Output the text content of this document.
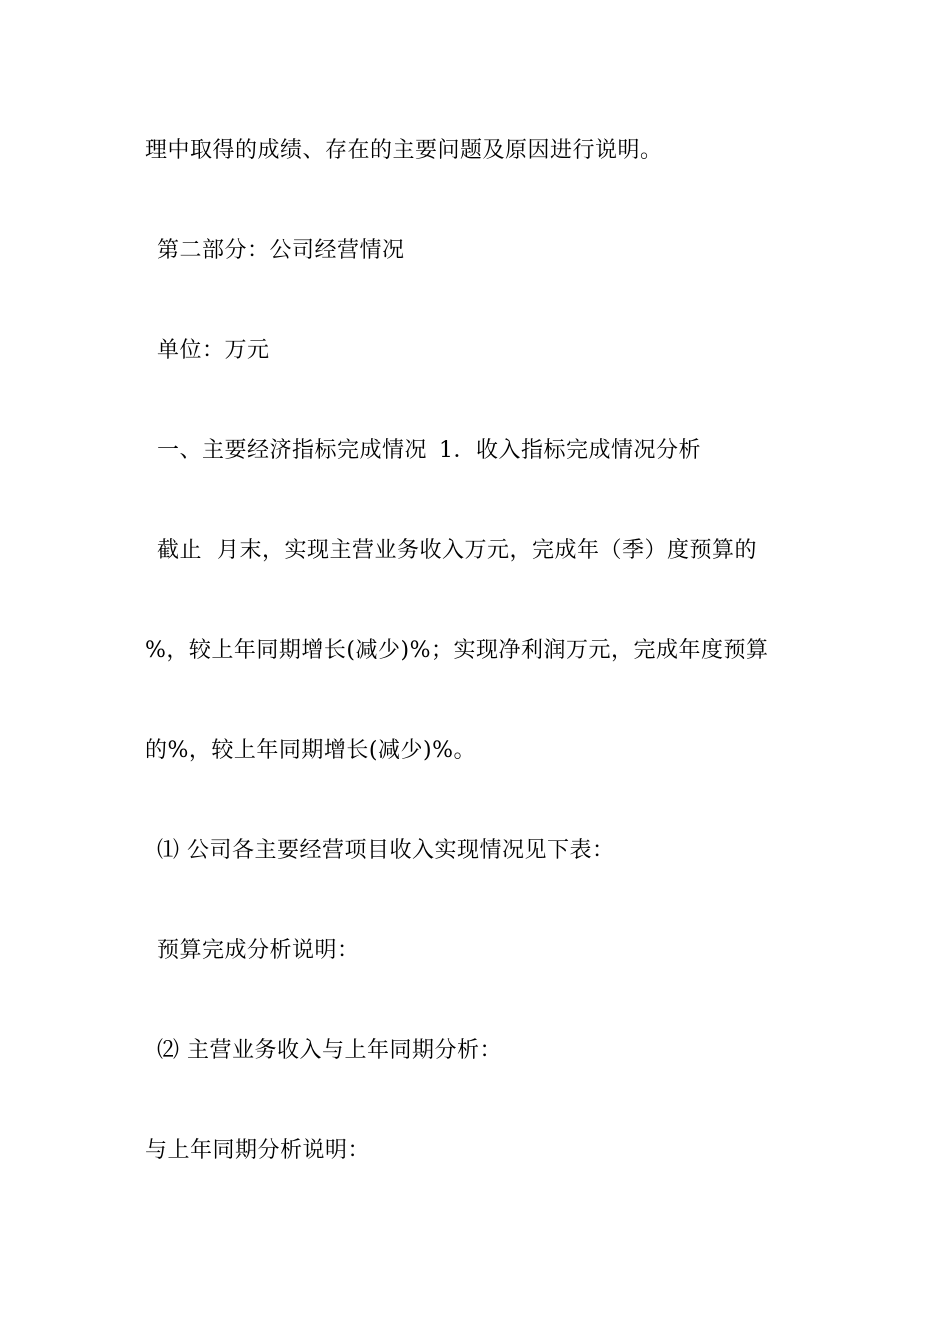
理中取得的成绩、存在的主要问题及原因进行说明。
第二部分：公司经营情况
单位：万元
一、主要经济指标完成情况 1．收入指标完成情况分析
截止  月末，实现主营业务收入万元，完成年（季）度预算的
%，较上年同期增长(减少)%；实现净利润万元，完成年度预算
的%，较上年同期增长(减少)%。
⑴ 公司各主要经营项目收入实现情况见下表：
预算完成分析说明：
⑵ 主营业务收入与上年同期分析：
与上年同期分析说明：
